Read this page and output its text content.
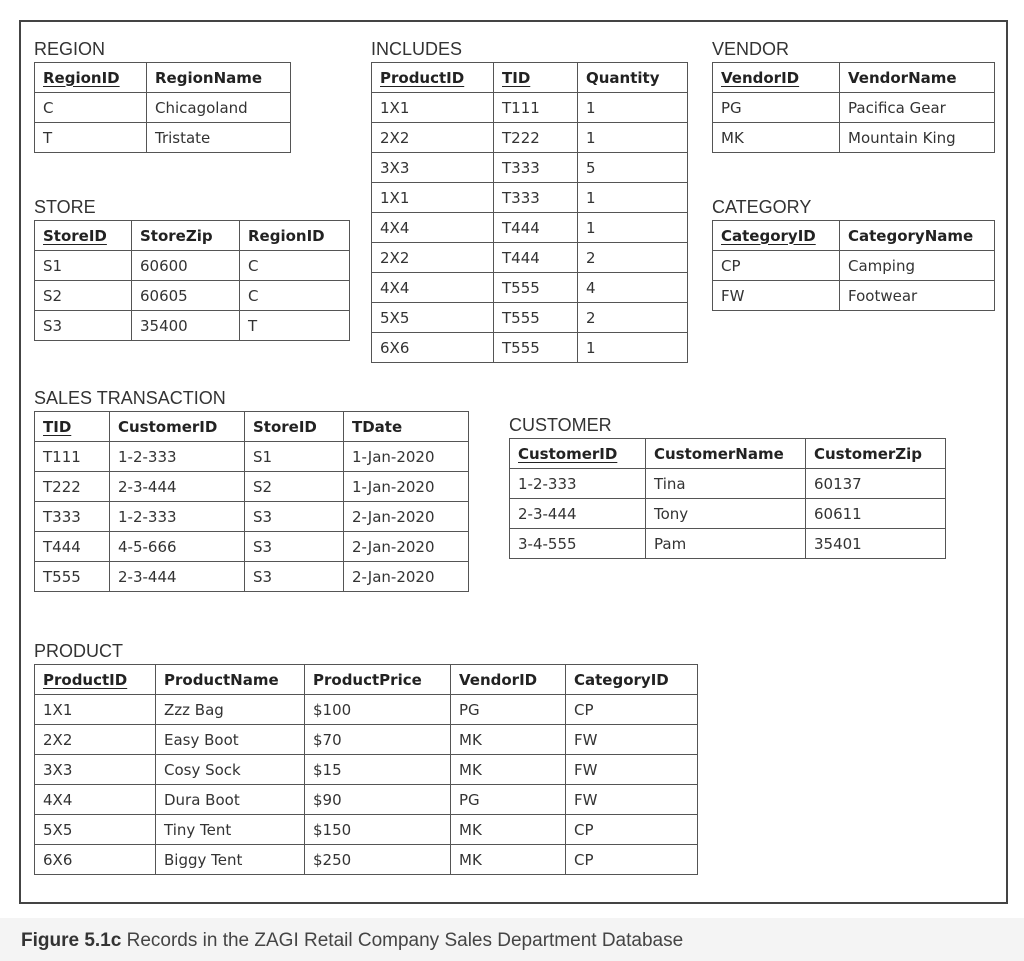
REGION
RegionID	RegionName
C	Chicagoland
T	Tristate
STORE
StoreID	StoreZip	RegionID
S1	60600	C
S2	60605	C
S3	35400	T
INCLUDES
ProductID	TID	Quantity
1X1	T111	1
2X2	T222	1
3X3	T333	5
1X1	T333	1
4X4	T444	1
2X2	T444	2
4X4	T555	4
5X5	T555	2
6X6	T555	1
VENDOR
VendorID	VendorName
PG	Pacifica Gear
MK	Mountain King
CATEGORY
CategoryID	CategoryName
CP	Camping
FW	Footwear
SALES TRANSACTION
TID	CustomerID	StoreID	TDate
T111	1-2-333	S1	1-Jan-2020
T222	2-3-444	S2	1-Jan-2020
T333	1-2-333	S3	2-Jan-2020
T444	4-5-666	S3	2-Jan-2020
T555	2-3-444	S3	2-Jan-2020
CUSTOMER
CustomerID	CustomerName	CustomerZip
1-2-333	Tina	60137
2-3-444	Tony	60611
3-4-555	Pam	35401
PRODUCT
ProductID	ProductName	ProductPrice	VendorID	CategoryID
1X1	Zzz Bag	$100	PG	CP
2X2	Easy Boot	$70	MK	FW
3X3	Cosy Sock	$15	MK	FW
4X4	Dura Boot	$90	PG	FW
5X5	Tiny Tent	$150	MK	CP
6X6	Biggy Tent	$250	MK	CP
Figure 5.1c Records in the ZAGI Retail Company Sales Department Database
